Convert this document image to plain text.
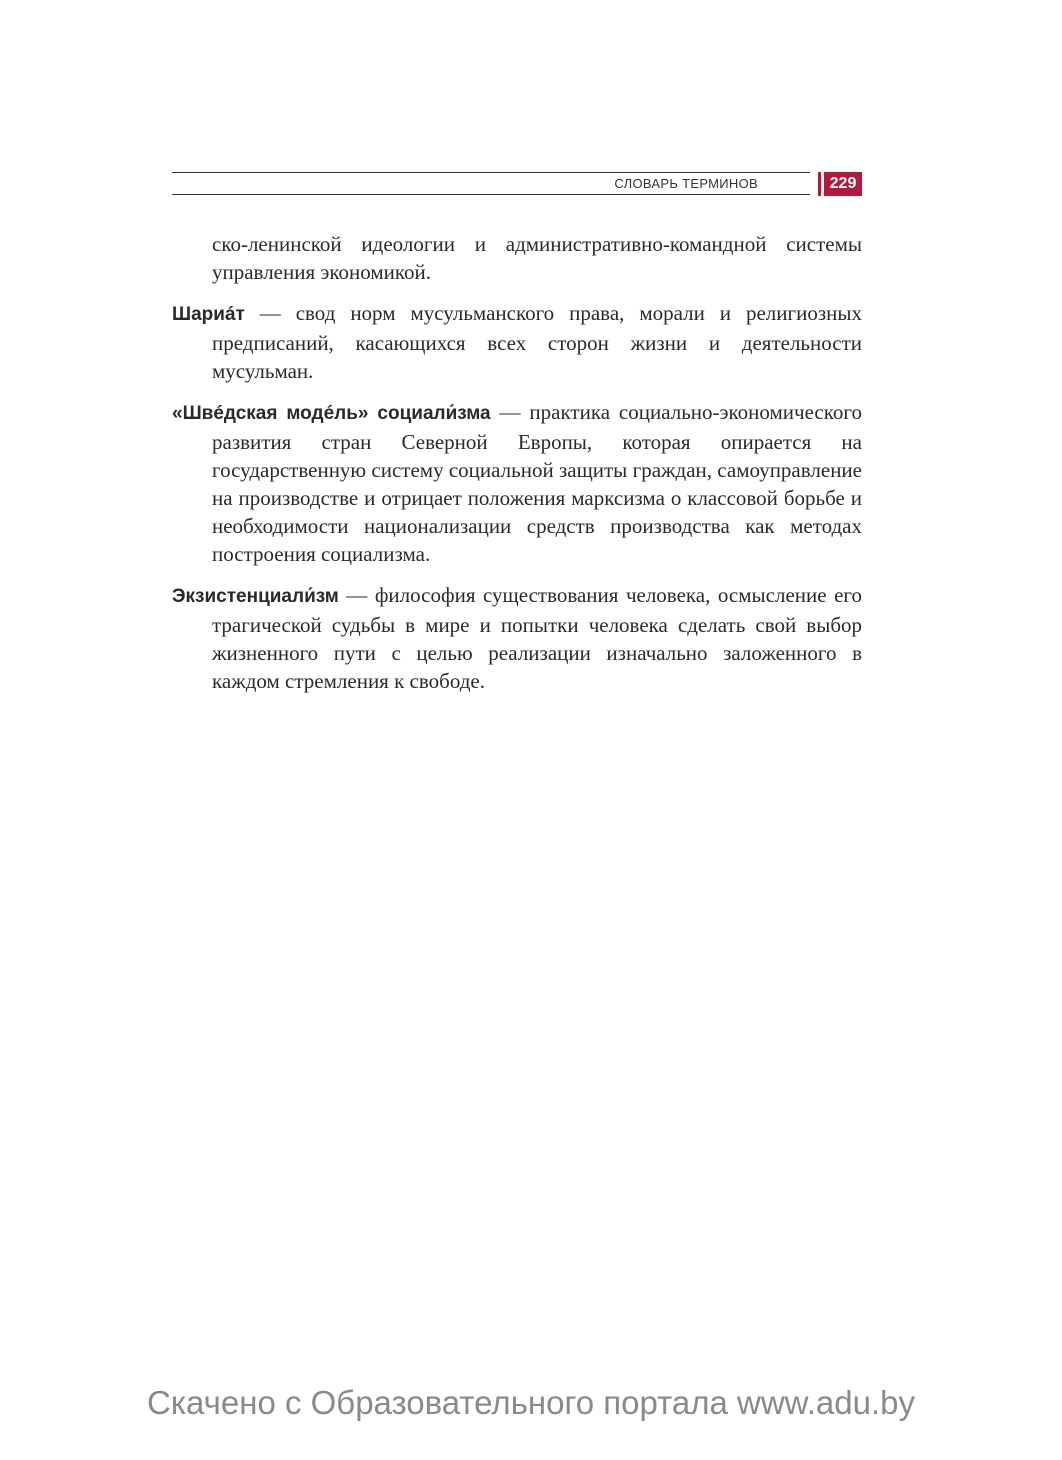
СЛОВАРЬ ТЕРМИНОВ	229

ско-ленинской идеологии и административно-командной системы управления экономикой.

Шариáт — свод норм мусульманского права, морали и религиозных предписаний, касающихся всех сторон жизни и деятельности мусульман.

«Швéдская модéль» социали́зма — практика социально-экономического развития стран Северной Европы, которая опирается на государственную систему социальной защиты граждан, самоуправление на производстве и отрицает положения марксизма о классовой борьбе и необходимости национализации средств производства как методах построения социализма.

Экзистенциали́зм — философия существования человека, осмысление его трагической судьбы в мире и попытки человека сделать свой выбор жизненного пути с целью реализации изначально заложенного в каждом стремления к свободе.

Скачено с Образовательного портала www.adu.by
